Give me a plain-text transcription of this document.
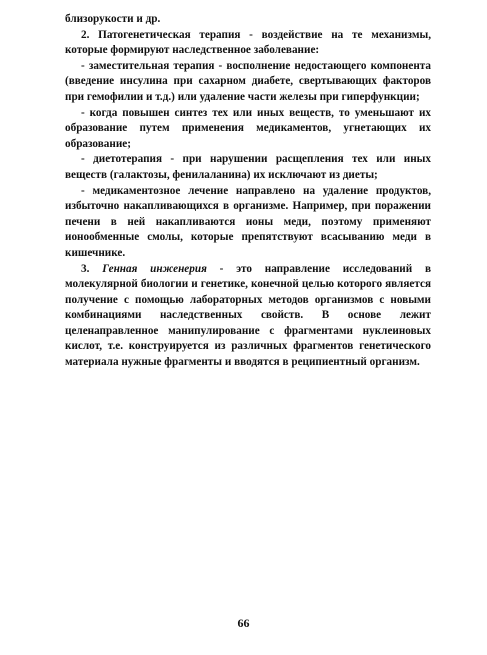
близорукости и др.

2. Патогенетическая терапия - воздействие на те механизмы, которые формируют наследственное заболевание:

- заместительная терапия - восполнение недостающего компонента (введение инсулина при сахарном диабете, свертывающих факторов при гемофилии и т.д.) или удаление части железы при гиперфункции;

- когда повышен синтез тех или иных веществ, то уменьшают их образование путем применения медикаментов, угнетающих их образование;

- диетотерапия - при нарушении расщепления тех или иных веществ (галактозы, фенилаланина) их исключают из диеты;

- медикаментозное лечение направлено на удаление продуктов, избыточно накапливающихся в организме. Например, при поражении печени в ней накапливаются ионы меди, поэтому применяют ионообменные смолы, которые препятствуют всасыванию меди в кишечнике.

3. Генная инженерия - это направление исследований в молекулярной биологии и генетике, конечной целью которого является получение с помощью лабораторных методов организмов с новыми комбинациями наследственных свойств. В основе лежит целенаправленное манипулирование с фрагментами нуклеиновых кислот, т.е. конструируется из различных фрагментов генетического материала нужные фрагменты и вводятся в реципиентный организм.

66
